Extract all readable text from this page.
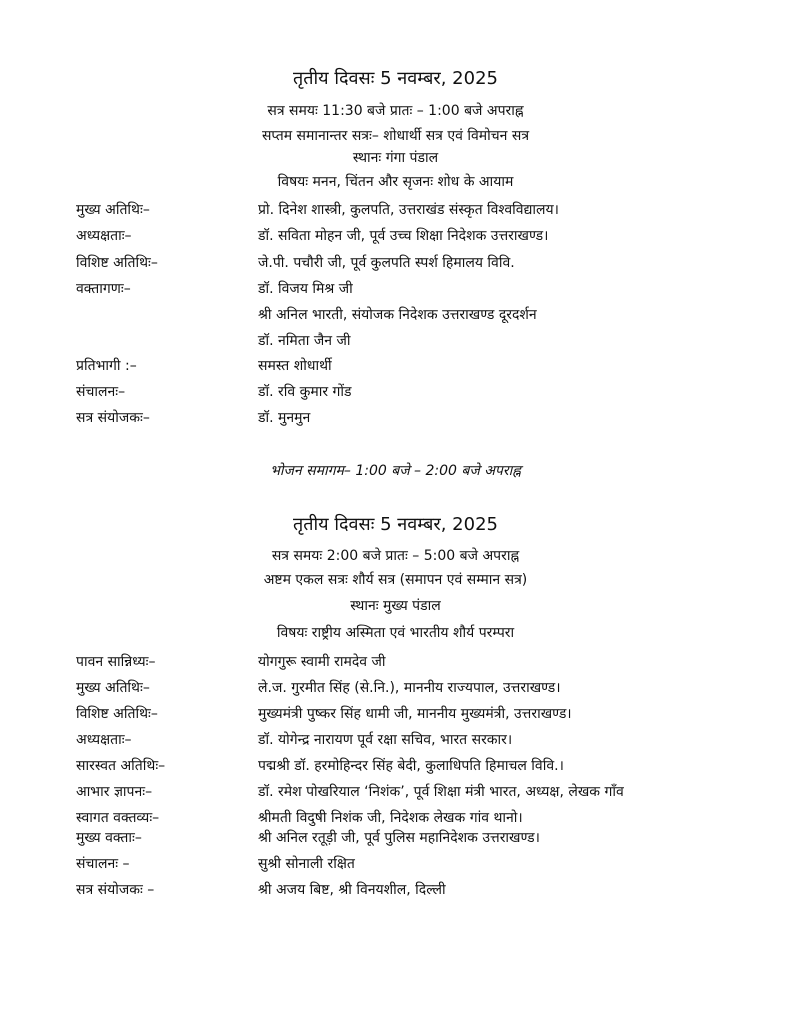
तृतीय दिवसः 5 नवम्बर, 2025
सत्र समयः 11:30 बजे प्रातः – 1:00 बजे अपराह्न
सप्तम समानान्तर सत्रः– शोधार्थी सत्र एवं विमोचन सत्र
स्थानः गंगा पंडाल
विषयः मनन, चिंतन और सृजनः शोध के आयाम
मुख्य अतिथिः–	प्रो. दिनेश शास्त्री, कुलपति, उत्तराखंड संस्कृत विश्वविद्यालय।
अध्यक्षताः–	डॉ. सविता मोहन जी, पूर्व उच्च शिक्षा निदेशक उत्तराखण्ड।
विशिष्ट अतिथिः–	जे.पी. पचौरी जी, पूर्व कुलपति स्पर्श हिमालय विवि.
वक्तागणः–	डॉ. विजय मिश्र जी
श्री अनिल भारती, संयोजक निदेशक उत्तराखण्ड दूरदर्शन
डॉ. नमिता जैन जी
प्रतिभागी :–	समस्त शोधार्थी
संचालनः–	डॉ. रवि कुमार गोंड
सत्र संयोजकः–	डॉ. मुनमुन
भोजन समागम– 1:00 बजे – 2:00 बजे अपराह्न
तृतीय दिवसः 5 नवम्बर, 2025
सत्र समयः 2:00 बजे प्रातः – 5:00 बजे अपराह्न
अष्टम एकल सत्रः शौर्य सत्र (समापन एवं सम्मान सत्र)
स्थानः मुख्य पंडाल
विषयः राष्ट्रीय अस्मिता एवं भारतीय शौर्य परम्परा
पावन सान्निध्यः–	योगगुरू स्वामी रामदेव जी
मुख्य अतिथिः–	ले.ज. गुरमीत सिंह (से.नि.), माननीय राज्यपाल, उत्तराखण्ड।
विशिष्ट अतिथिः–	मुख्यमंत्री पुष्कर सिंह धामी जी, माननीय मुख्यमंत्री, उत्तराखण्ड।
अध्यक्षताः–	डॉ. योगेन्द्र नारायण पूर्व रक्षा सचिव, भारत सरकार।
सारस्वत अतिथिः–	पद्मश्री डॉ. हरमोहिन्दर सिंह बेदी, कुलाधिपति हिमाचल विवि.।
आभार ज्ञापनः–	डॉ. रमेश पोखरियाल ‘निशंक’, पूर्व शिक्षा मंत्री भारत, अध्यक्ष, लेखक गाँव
स्वागत वक्तव्यः–	श्रीमती विदुषी निशंक जी, निदेशक लेखक गांव थानो।
मुख्य वक्ताः–	श्री अनिल रतूड़ी जी, पूर्व पुलिस महानिदेशक उत्तराखण्ड।
संचालनः –	सुश्री सोनाली रक्षित
सत्र संयोजकः –	श्री अजय बिष्ट, श्री विनयशील, दिल्ली
